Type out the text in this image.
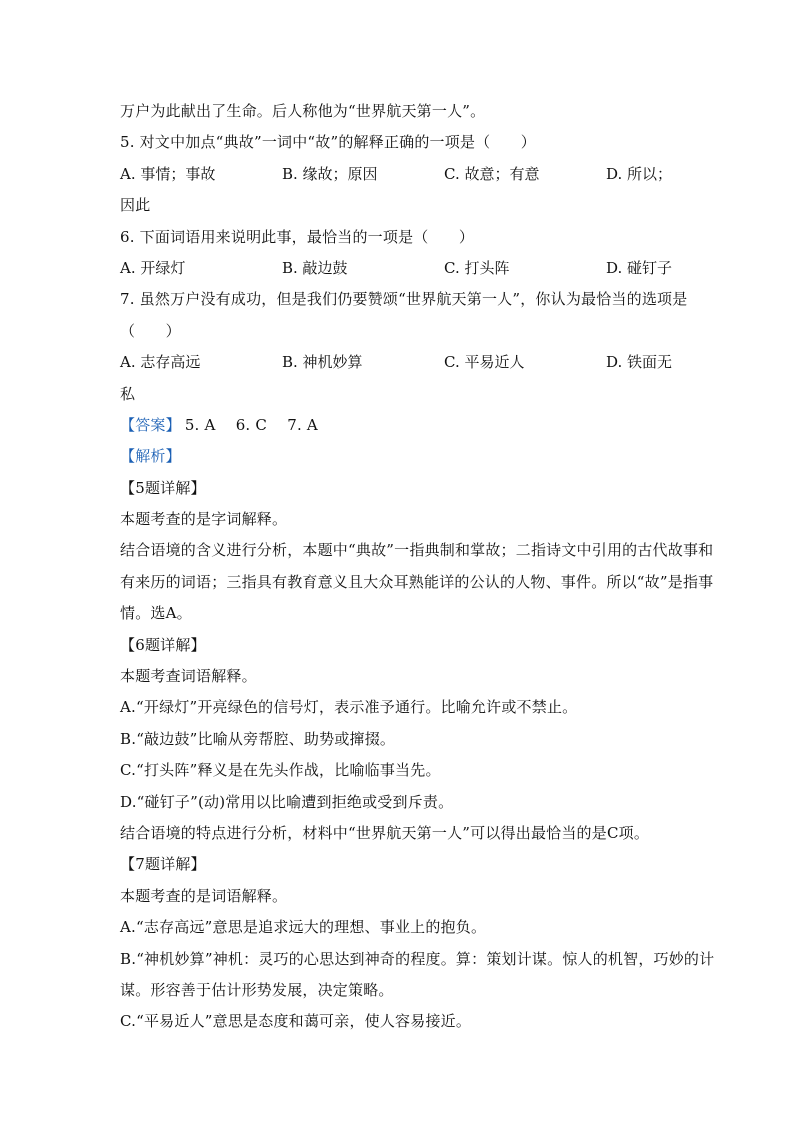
万户为此献出了生命。后人称他为“世界航天第一人”。
5. 对文中加点“典故”一词中“故”的解释正确的一项是（　　）
A. 事情；事故	B. 缘故；原因	C. 故意；有意	D. 所以；
因此
6. 下面词语用来说明此事，最恰当的一项是（　　）
A. 开绿灯	B. 敲边鼓	C. 打头阵	D. 碰钉子
7. 虽然万户没有成功，但是我们仍要赞颂“世界航天第一人”，你认为最恰当的选项是
（　　）
A. 志存高远	B. 神机妙算	C. 平易近人	D. 铁面无
私
【答案】 5. A　 6. C　 7. A
【解析】
【5题详解】
本题考查的是字词解释。
结合语境的含义进行分析，本题中“典故”一指典制和掌故；二指诗文中引用的古代故事和
有来历的词语；三指具有教育意义且大众耳熟能详的公认的人物、事件。所以“故”是指事
情。选A。
【6题详解】
本题考查词语解释。
A.“开绿灯”开亮绿色的信号灯，表示准予通行。比喻允许或不禁止。
B.“敲边鼓”比喻从旁帮腔、助势或撺掇。
C.“打头阵”释义是在先头作战，比喻临事当先。
D.“碰钉子”(动)常用以比喻遭到拒绝或受到斥责。
结合语境的特点进行分析，材料中“世界航天第一人”可以得出最恰当的是C项。
【7题详解】
本题考查的是词语解释。
A.“志存高远”意思是追求远大的理想、事业上的抱负。
B.“神机妙算”神机：灵巧的心思达到神奇的程度。算：策划计谋。惊人的机智，巧妙的计
谋。形容善于估计形势发展，决定策略。
C.“平易近人”意思是态度和蔼可亲，使人容易接近。
